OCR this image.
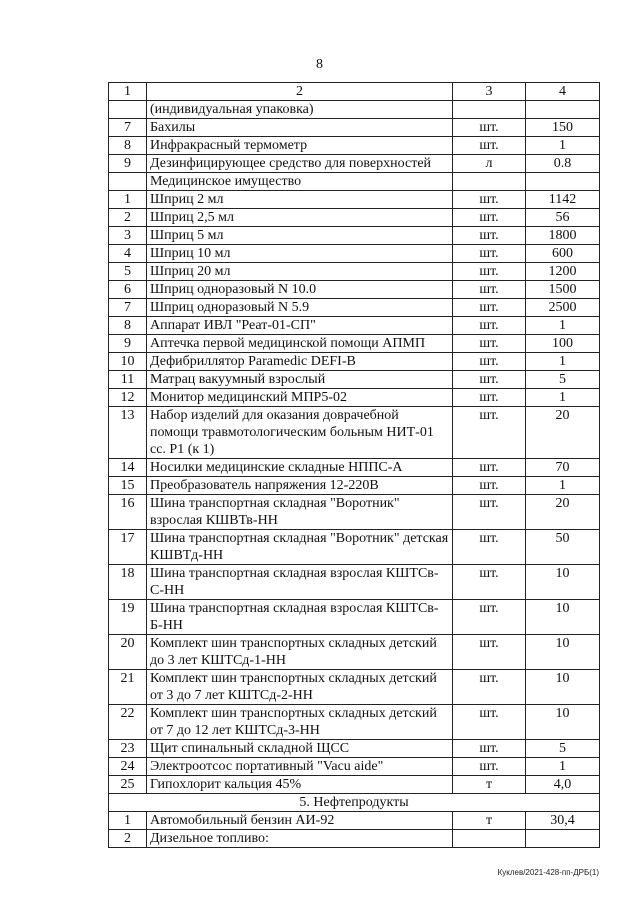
8
1	2	3	4
	(индивидуальная упаковка)		
7	Бахилы	шт.	150
8	Инфракрасный термометр	шт.	1
9	Дезинфицирующее средство для поверхностей	л	0.8
	Медицинское имущество		
1	Шприц 2 мл	шт.	1142
2	Шприц 2,5 мл	шт.	56
3	Шприц 5 мл	шт.	1800
4	Шприц 10 мл	шт.	600
5	Шприц 20 мл	шт.	1200
6	Шприц одноразовый N 10.0	шт.	1500
7	Шприц одноразовый N 5.9	шт.	2500
8	Аппарат ИВЛ "Реат-01-СП"	шт.	1
9	Аптечка первой медицинской помощи АПМП	шт.	100
10	Дефибриллятор Paramedic DEFI-B	шт.	1
11	Матрац вакуумный взрослый	шт.	5
12	Монитор медицинский МПР5-02	шт.	1
13	Набор изделий для оказания доврачебной помощи травмотологическим больным НИТ-01 сс. Р1 (к 1)	шт.	20
14	Носилки медицинские складные НППС-А	шт.	70
15	Преобразователь напряжения 12-220В	шт.	1
16	Шина транспортная складная "Воротник" взрослая КШВТв-НН	шт.	20
17	Шина транспортная складная "Воротник" детская КШВТд-НН	шт.	50
18	Шина транспортная складная взрослая КШТСв-С-НН	шт.	10
19	Шина транспортная складная взрослая КШТСв-Б-НН	шт.	10
20	Комплект шин транспортных складных детский до 3 лет КШТСд-1-НН	шт.	10
21	Комплект шин транспортных складных детский от 3 до 7 лет КШТСд-2-НН	шт.	10
22	Комплект шин транспортных складных детский от 7 до 12 лет КШТСд-3-НН	шт.	10
23	Щит спинальный складной ЩСС	шт.	5
24	Электроотсос портативный "Vacu aide"	шт.	1
25	Гипохлорит кальция 45%	т	4,0
5. Нефтепродукты			
1	Автомобильный бензин АИ-92	т	30,4
2	Дизельное топливо:		
Куклев/2021-428-пп-ДРБ(1)
